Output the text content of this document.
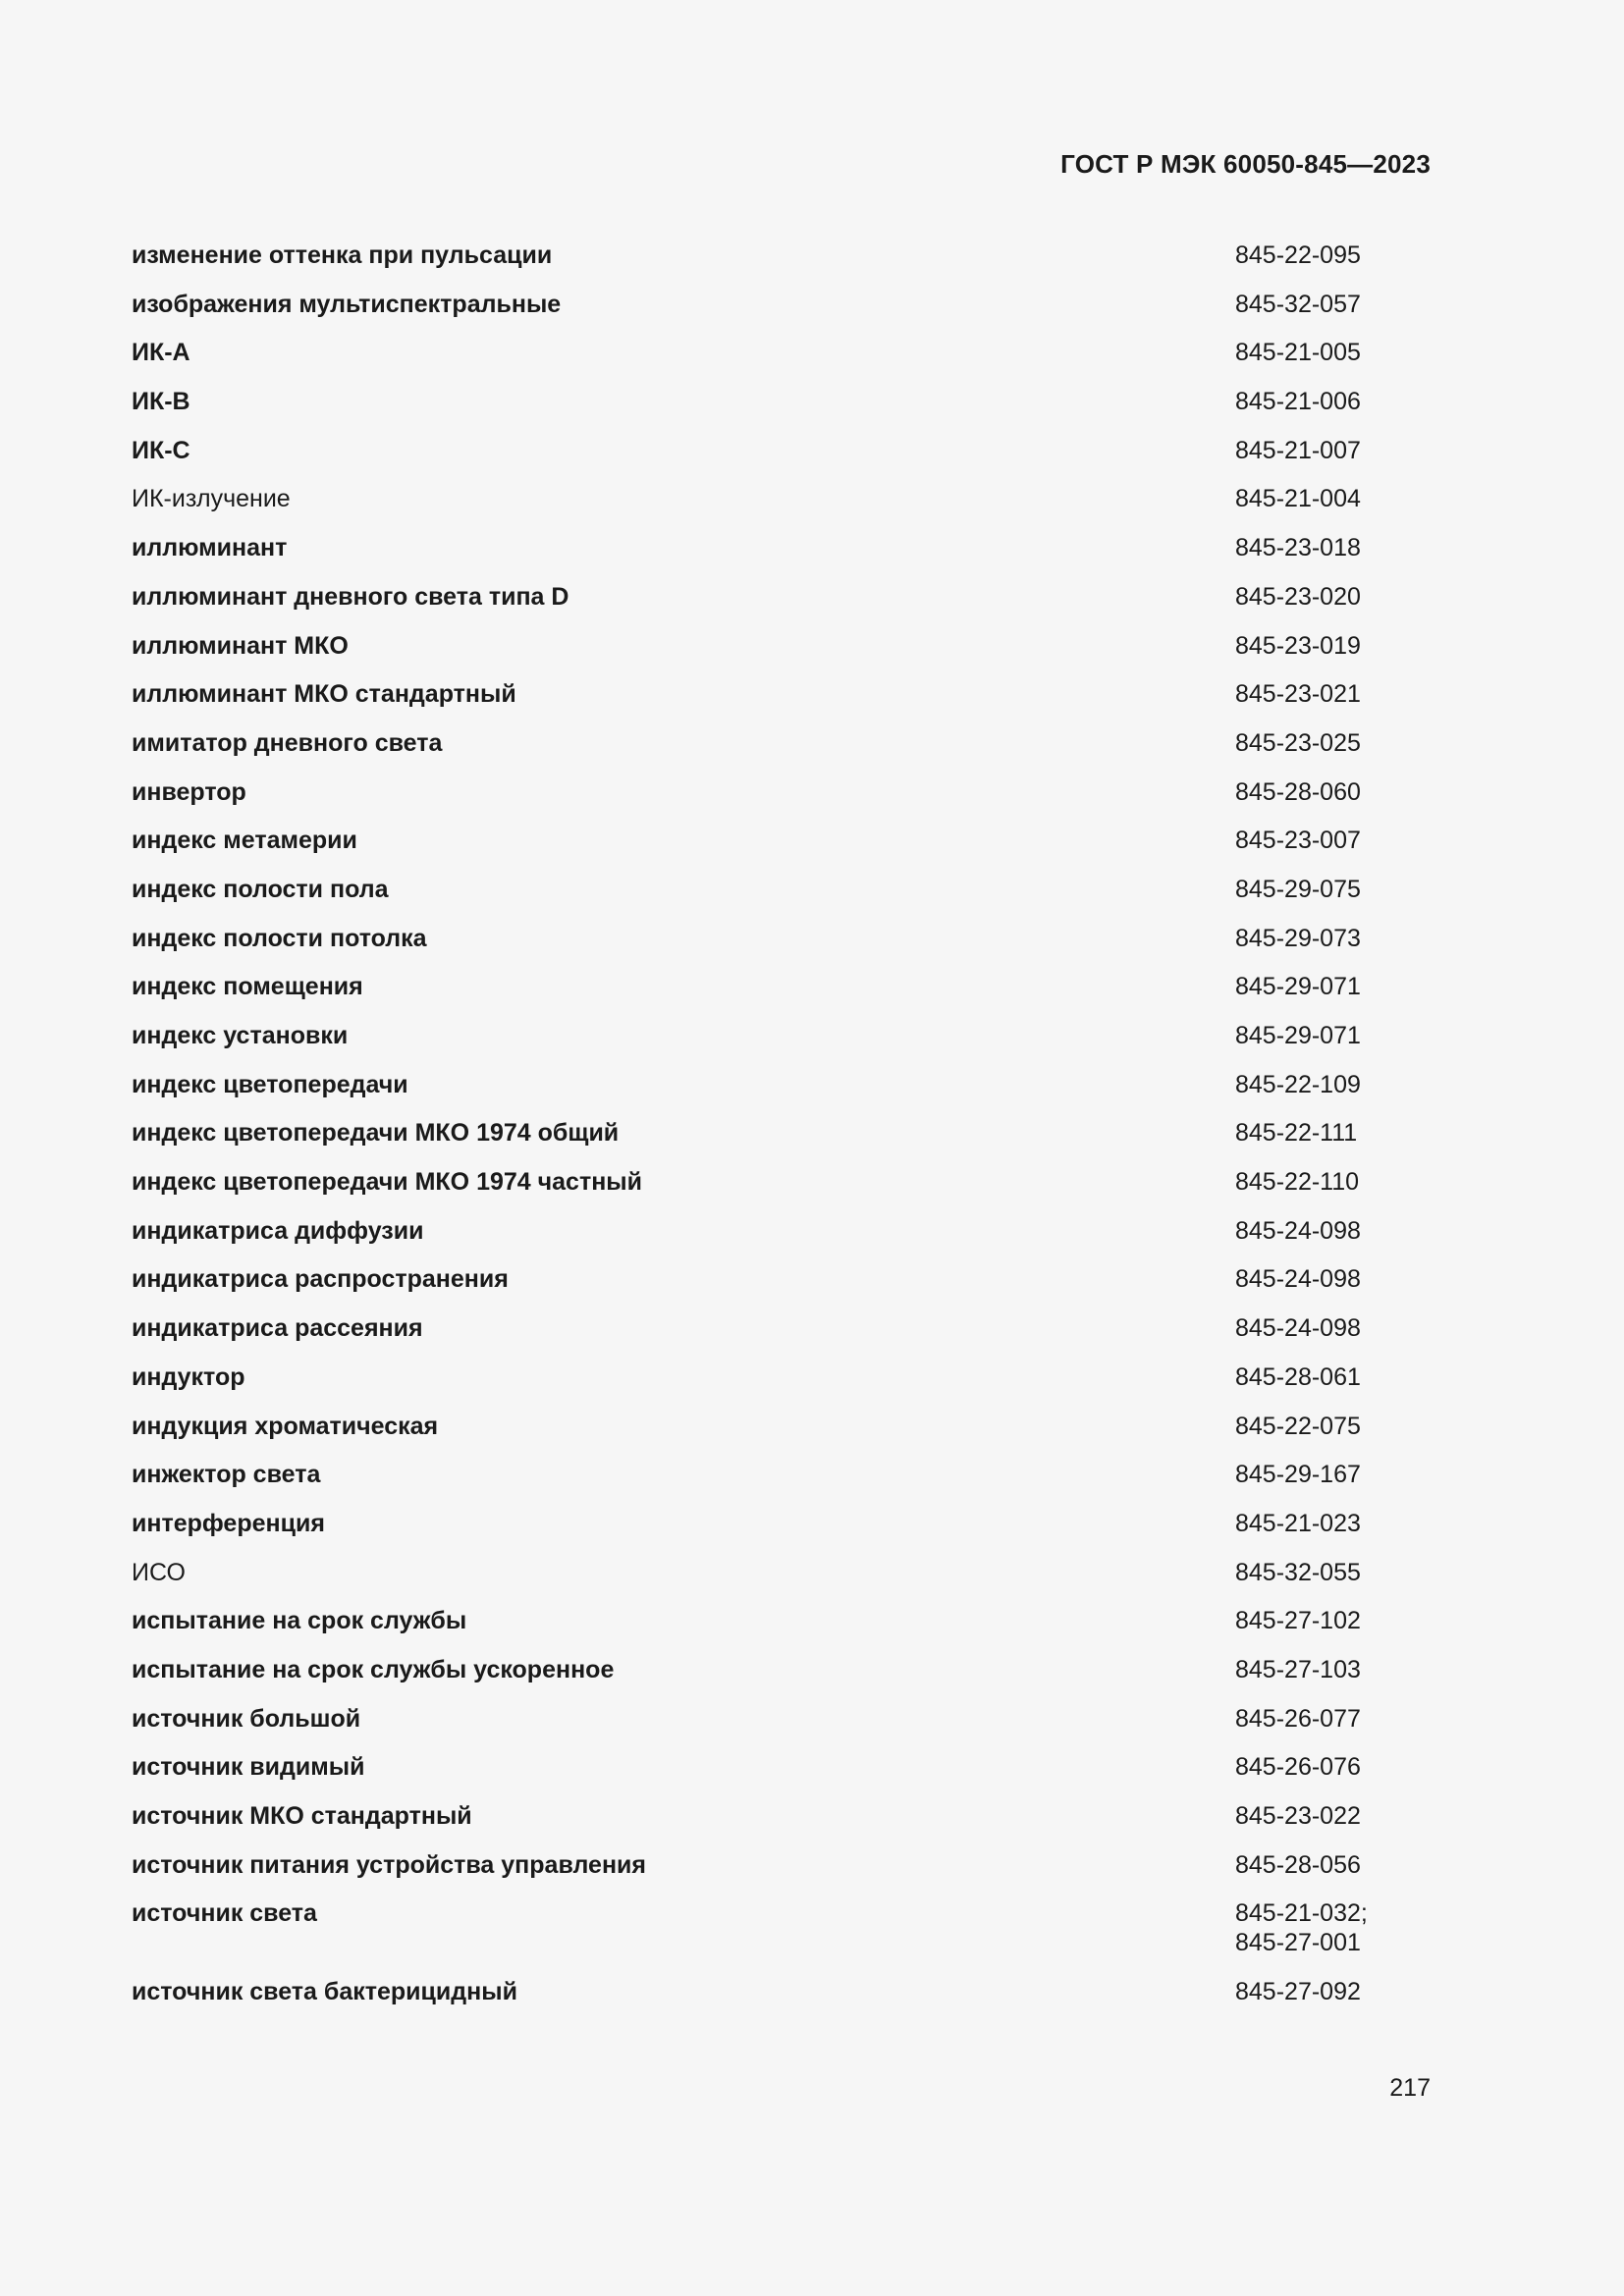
ГОСТ Р МЭК 60050-845—2023
изменение оттенка при пульсации	845-22-095
изображения мультиспектральные	845-32-057
ИК-А	845-21-005
ИК-В	845-21-006
ИК-С	845-21-007
ИК-излучение	845-21-004
иллюминант	845-23-018
иллюминант дневного света типа D	845-23-020
иллюминант МКО	845-23-019
иллюминант МКО стандартный	845-23-021
имитатор дневного света	845-23-025
инвертор	845-28-060
индекс метамерии	845-23-007
индекс полости пола	845-29-075
индекс полости потолка	845-29-073
индекс помещения	845-29-071
индекс установки	845-29-071
индекс цветопередачи	845-22-109
индекс цветопередачи МКО 1974 общий	845-22-111
индекс цветопередачи МКО 1974 частный	845-22-110
индикатриса диффузии	845-24-098
индикатриса распространения	845-24-098
индикатриса рассеяния	845-24-098
индуктор	845-28-061
индукция хроматическая	845-22-075
инжектор света	845-29-167
интерференция	845-21-023
ИСО	845-32-055
испытание на срок службы	845-27-102
испытание на срок службы ускоренное	845-27-103
источник большой	845-26-077
источник видимый	845-26-076
источник МКО стандартный	845-23-022
источник питания устройства управления	845-28-056
источник света	845-21-032;
845-27-001
источник света бактерицидный	845-27-092
217
